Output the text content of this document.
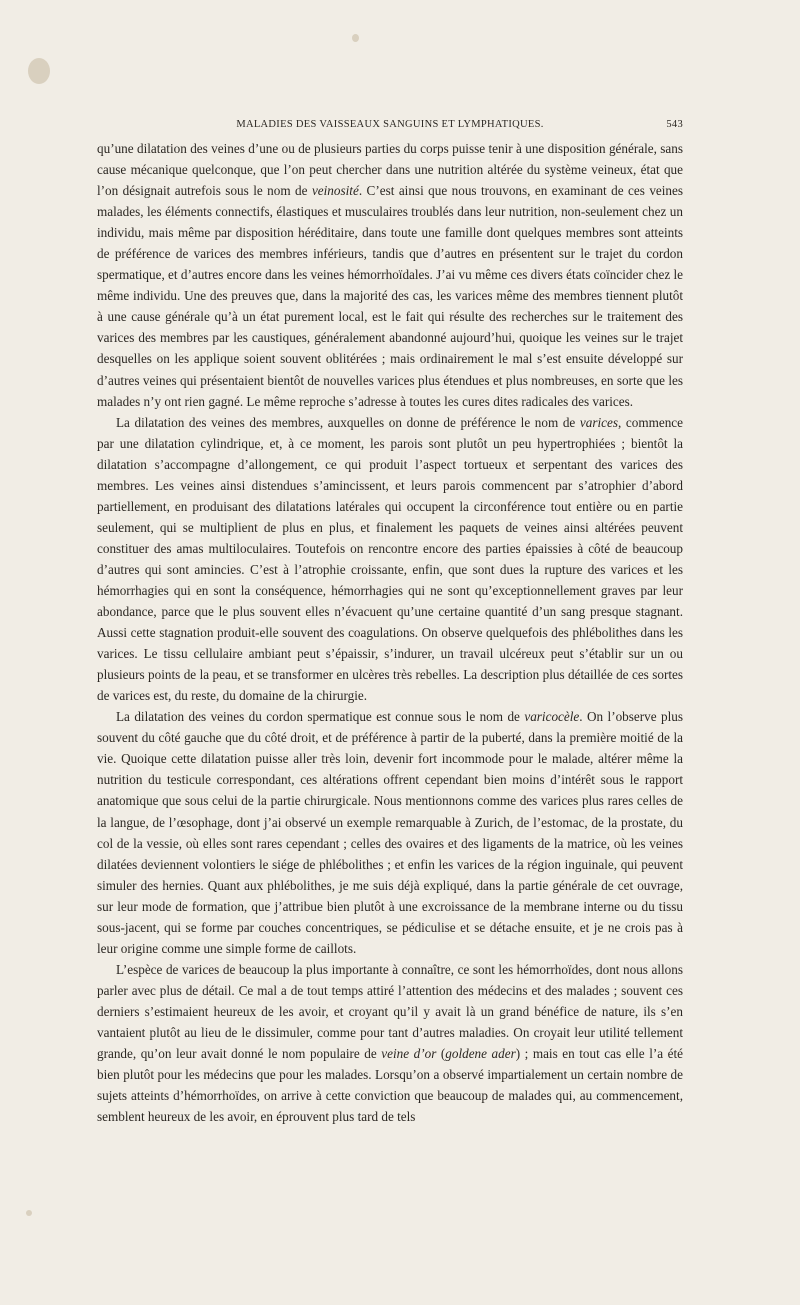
MALADIES DES VAISSEAUX SANGUINS ET LYMPHATIQUES.	543

qu’une dilatation des veines d’une ou de plusieurs parties du corps puisse tenir à une disposition générale, sans cause mécanique quelconque, que l’on peut chercher dans une nutrition altérée du système veineux, état que l’on désignait autrefois sous le nom de veinosité. C’est ainsi que nous trouvons, en examinant de ces veines malades, les éléments connectifs, élastiques et musculaires troublés dans leur nutrition, non-seulement chez un individu, mais même par disposition héréditaire, dans toute une famille dont quelques membres sont atteints de préférence de varices des membres inférieurs, tandis que d’autres en présentent sur le trajet du cordon spermatique, et d’autres encore dans les veines hémorrhoïdales. J’ai vu même ces divers états coïncider chez le même individu. Une des preuves que, dans la majorité des cas, les varices même des membres tiennent plutôt à une cause générale qu’à un état purement local, est le fait qui résulte des recherches sur le traitement des varices des membres par les caustiques, généralement abandonné aujourd’hui, quoique les veines sur le trajet desquelles on les applique soient souvent oblitérées ; mais ordinairement le mal s’est ensuite développé sur d’autres veines qui présentaient bientôt de nouvelles varices plus étendues et plus nombreuses, en sorte que les malades n’y ont rien gagné. Le même reproche s’adresse à toutes les cures dites radicales des varices.

La dilatation des veines des membres, auxquelles on donne de préférence le nom de varices, commence par une dilatation cylindrique, et, à ce moment, les parois sont plutôt un peu hypertrophiées ; bientôt la dilatation s’accompagne d’allongement, ce qui produit l’aspect tortueux et serpentant des varices des membres. Les veines ainsi distendues s’amincissent, et leurs parois commencent par s’atrophier d’abord partiellement, en produisant des dilatations latérales qui occupent la circonférence tout entière ou en partie seulement, qui se multiplient de plus en plus, et finalement les paquets de veines ainsi altérées peuvent constituer des amas multiloculaires. Toutefois on rencontre encore des parties épaissies à côté de beaucoup d’autres qui sont amincies. C’est à l’atrophie croissante, enfin, que sont dues la rupture des varices et les hémorrhagies qui en sont la conséquence, hémorrhagies qui ne sont qu’exceptionnellement graves par leur abondance, parce que le plus souvent elles n’évacuent qu’une certaine quantité d’un sang presque stagnant. Aussi cette stagnation produit-elle souvent des coagulations. On observe quelquefois des phlébolithes dans les varices. Le tissu cellulaire ambiant peut s’épaissir, s’indurer, un travail ulcéreux peut s’établir sur un ou plusieurs points de la peau, et se transformer en ulcères très rebelles. La description plus détaillée de ces sortes de varices est, du reste, du domaine de la chirurgie.

La dilatation des veines du cordon spermatique est connue sous le nom de varicocèle. On l’observe plus souvent du côté gauche que du côté droit, et de préférence à partir de la puberté, dans la première moitié de la vie. Quoique cette dilatation puisse aller très loin, devenir fort incommode pour le malade, altérer même la nutrition du testicule correspondant, ces altérations offrent cependant bien moins d’intérêt sous le rapport anatomique que sous celui de la partie chirurgicale. Nous mentionnons comme des varices plus rares celles de la langue, de l’œsophage, dont j’ai observé un exemple remarquable à Zurich, de l’estomac, de la prostate, du col de la vessie, où elles sont rares cependant ; celles des ovaires et des ligaments de la matrice, où les veines dilatées deviennent volontiers le siége de phlébolithes ; et enfin les varices de la région inguinale, qui peuvent simuler des hernies. Quant aux phlébolithes, je me suis déjà expliqué, dans la partie générale de cet ouvrage, sur leur mode de formation, que j’attribue bien plutôt à une excroissance de la membrane interne ou du tissu sous-jacent, qui se forme par couches concentriques, se pédiculise et se détache ensuite, et je ne crois pas à leur origine comme une simple forme de caillots.

L’espèce de varices de beaucoup la plus importante à connaître, ce sont les hémorrhoïdes, dont nous allons parler avec plus de détail. Ce mal a de tout temps attiré l’attention des médecins et des malades ; souvent ces derniers s’estimaient heureux de les avoir, et croyant qu’il y avait là un grand bénéfice de nature, ils s’en vantaient plutôt au lieu de le dissimuler, comme pour tant d’autres maladies. On croyait leur utilité tellement grande, qu’on leur avait donné le nom populaire de veine d’or (goldene ader) ; mais en tout cas elle l’a été bien plutôt pour les médecins que pour les malades. Lorsqu’on a observé impartialement un certain nombre de sujets atteints d’hémorrhoïdes, on arrive à cette conviction que beaucoup de malades qui, au commencement, semblent heureux de les avoir, en éprouvent plus tard de tels
